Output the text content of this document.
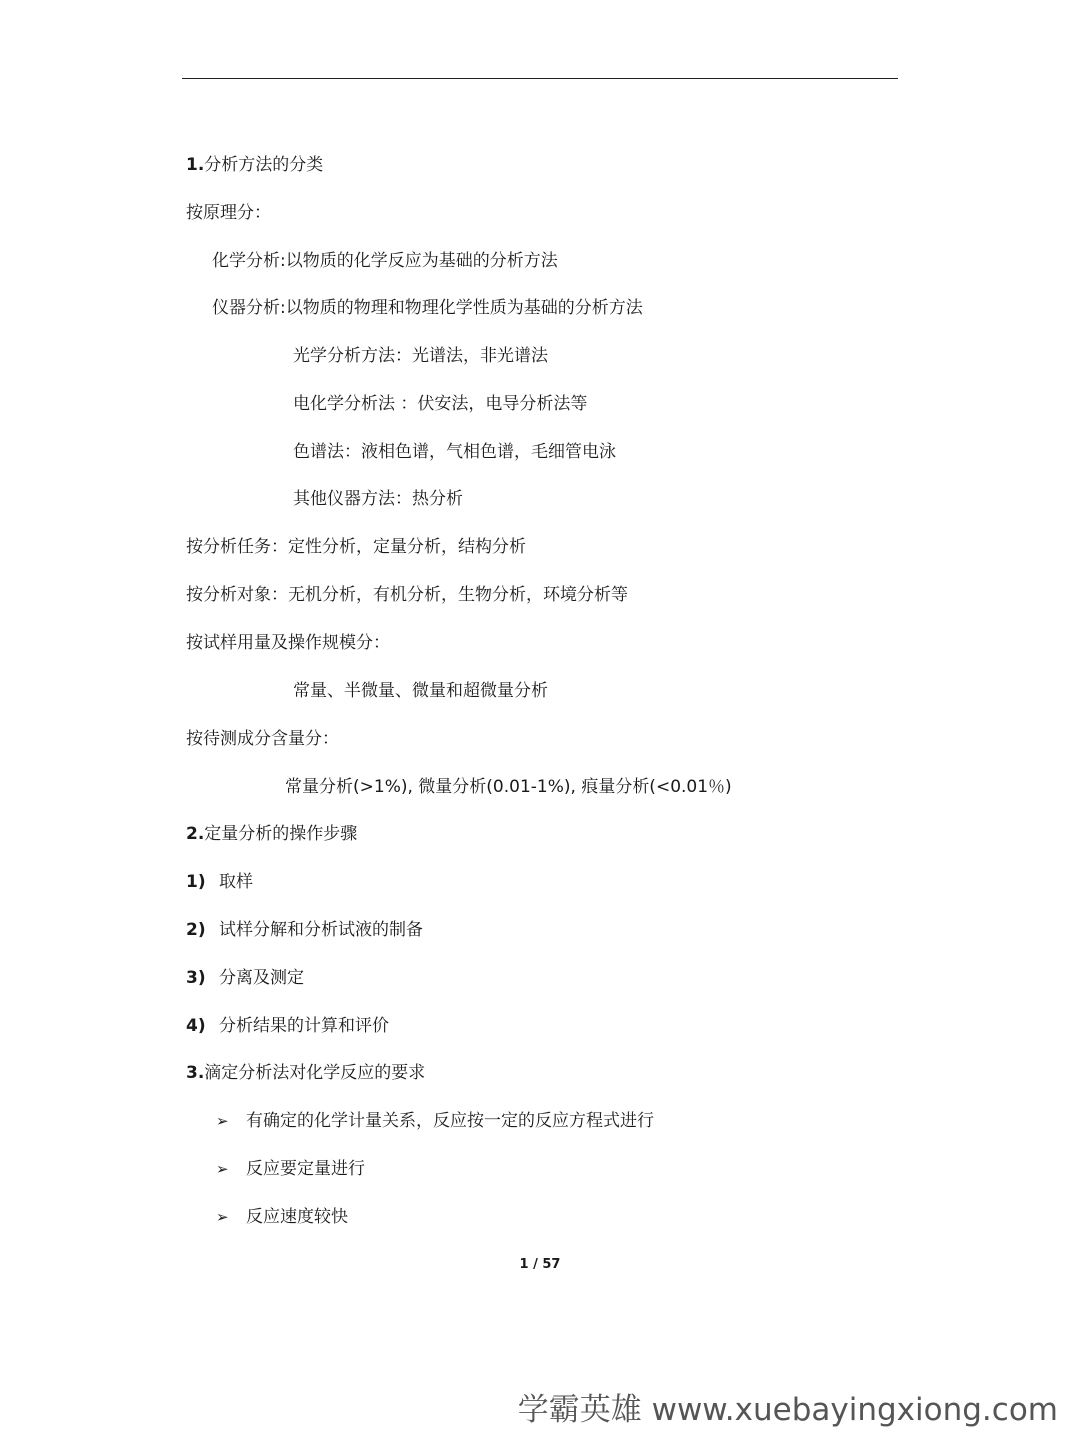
1.分析方法的分类
按原理分：
化学分析:以物质的化学反应为基础的分析方法
仪器分析:以物质的物理和物理化学性质为基础的分析方法
光学分析方法：光谱法，非光谱法
电化学分析法 ：伏安法，电导分析法等
色谱法：液相色谱，气相色谱，毛细管电泳
其他仪器方法：热分析
按分析任务：定性分析，定量分析，结构分析
按分析对象：无机分析，有机分析，生物分析，环境分析等
按试样用量及操作规模分：
常量、半微量、微量和超微量分析
按待测成分含量分：
常量分析(>1%), 微量分析(0.01-1%), 痕量分析(<0.01％)
2.定量分析的操作步骤
1) 取样
2) 试样分解和分析试液的制备
3) 分离及测定
4) 分析结果的计算和评价
3.滴定分析法对化学反应的要求
➢ 有确定的化学计量关系，反应按一定的反应方程式进行
➢ 反应要定量进行
➢ 反应速度较快
1 / 57
学霸英雄 www.xuebayingxiong.com
